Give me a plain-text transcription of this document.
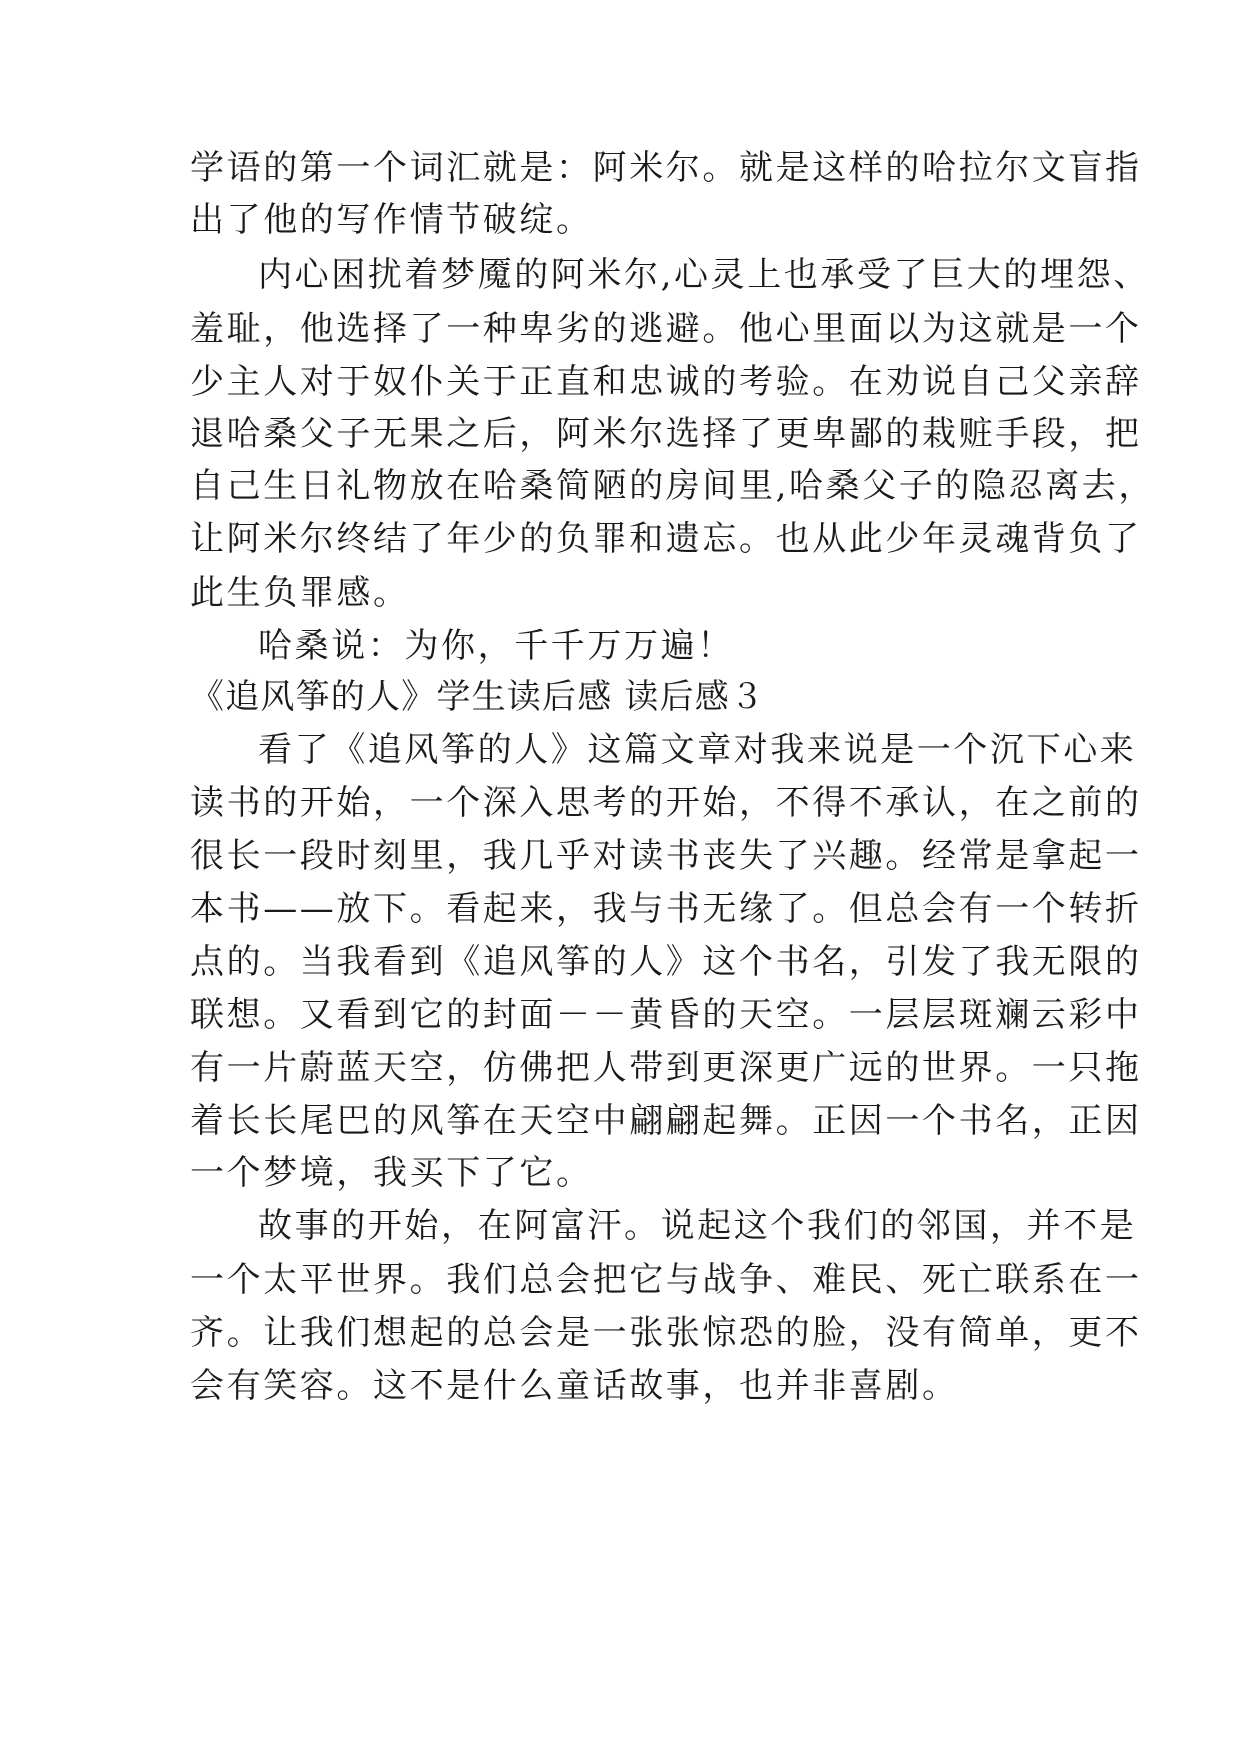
学语的第一个词汇就是：阿米尔。就是这样的哈拉尔文盲指
出了他的写作情节破绽。
内心困扰着梦魇的阿米尔,心灵上也承受了巨大的埋怨、
羞耻，他选择了一种卑劣的逃避。他心里面以为这就是一个
少主人对于奴仆关于正直和忠诚的考验。在劝说自己父亲辞
退哈桑父子无果之后，阿米尔选择了更卑鄙的栽赃手段，把
自己生日礼物放在哈桑简陋的房间里,哈桑父子的隐忍离去，
让阿米尔终结了年少的负罪和遗忘。也从此少年灵魂背负了
此生负罪感。
哈桑说：为你，千千万万遍！
《追风筝的人》学生读后感 读后感３
看了《追风筝的人》这篇文章对我来说是一个沉下心来
读书的开始，一个深入思考的开始，不得不承认，在之前的
很长一段时刻里，我几乎对读书丧失了兴趣。经常是拿起一
本书——放下。看起来，我与书无缘了。但总会有一个转折
点的。当我看到《追风筝的人》这个书名，引发了我无限的
联想。又看到它的封面－－黄昏的天空。一层层斑斓云彩中
有一片蔚蓝天空，仿佛把人带到更深更广远的世界。一只拖
着长长尾巴的风筝在天空中翩翩起舞。正因一个书名，正因
一个梦境，我买下了它。
故事的开始，在阿富汗。说起这个我们的邻国，并不是
一个太平世界。我们总会把它与战争、难民、死亡联系在一
齐。让我们想起的总会是一张张惊恐的脸，没有简单，更不
会有笑容。这不是什么童话故事，也并非喜剧。
